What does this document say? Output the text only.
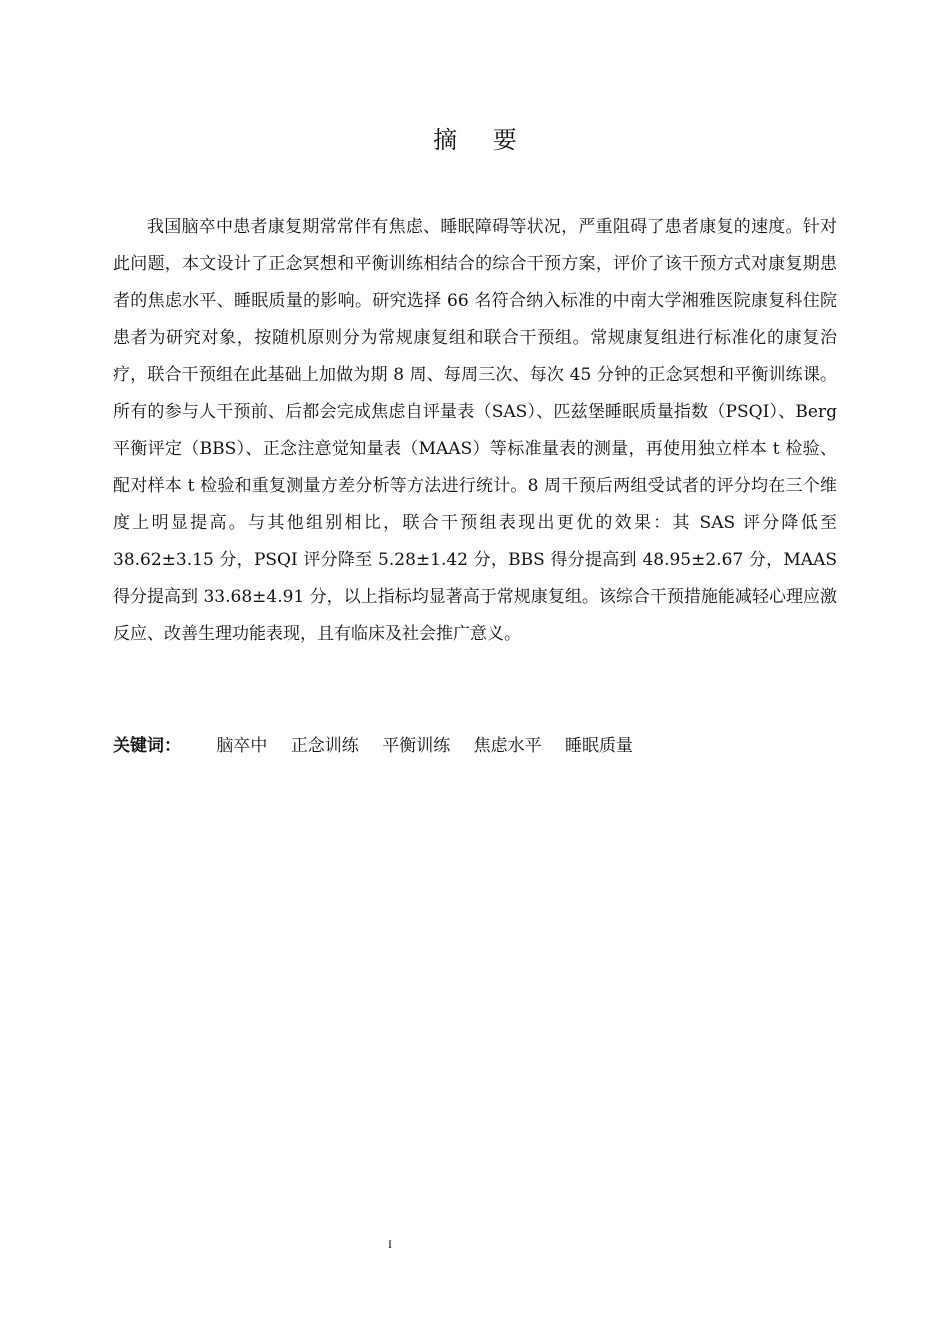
摘 要

我国脑卒中患者康复期常常伴有焦虑、睡眠障碍等状况，严重阻碍了患者康复的速度。针对此问题，本文设计了正念冥想和平衡训练相结合的综合干预方案，评价了该干预方式对康复期患者的焦虑水平、睡眠质量的影响。研究选择 66 名符合纳入标准的中南大学湘雅医院康复科住院患者为研究对象，按随机原则分为常规康复组和联合干预组。常规康复组进行标准化的康复治疗，联合干预组在此基础上加做为期 8 周、每周三次、每次 45 分钟的正念冥想和平衡训练课。所有的参与人干预前、后都会完成焦虑自评量表（SAS）、匹兹堡睡眠质量指数（PSQI）、Berg 平衡评定（BBS）、正念注意觉知量表（MAAS）等标准量表的测量，再使用独立样本 t 检验、配对样本 t 检验和重复测量方差分析等方法进行统计。8 周干预后两组受试者的评分均在三个维度上明显提高。与其他组别相比，联合干预组表现出更优的效果：其 SAS 评分降低至 38.62±3.15 分，PSQI 评分降至 5.28±1.42 分，BBS 得分提高到 48.95±2.67 分，MAAS 得分提高到 33.68±4.91 分，以上指标均显著高于常规康复组。该综合干预措施能减轻心理应激反应、改善生理功能表现，且有临床及社会推广意义。

关键词： 脑卒中 正念训练 平衡训练 焦虑水平 睡眠质量

I
